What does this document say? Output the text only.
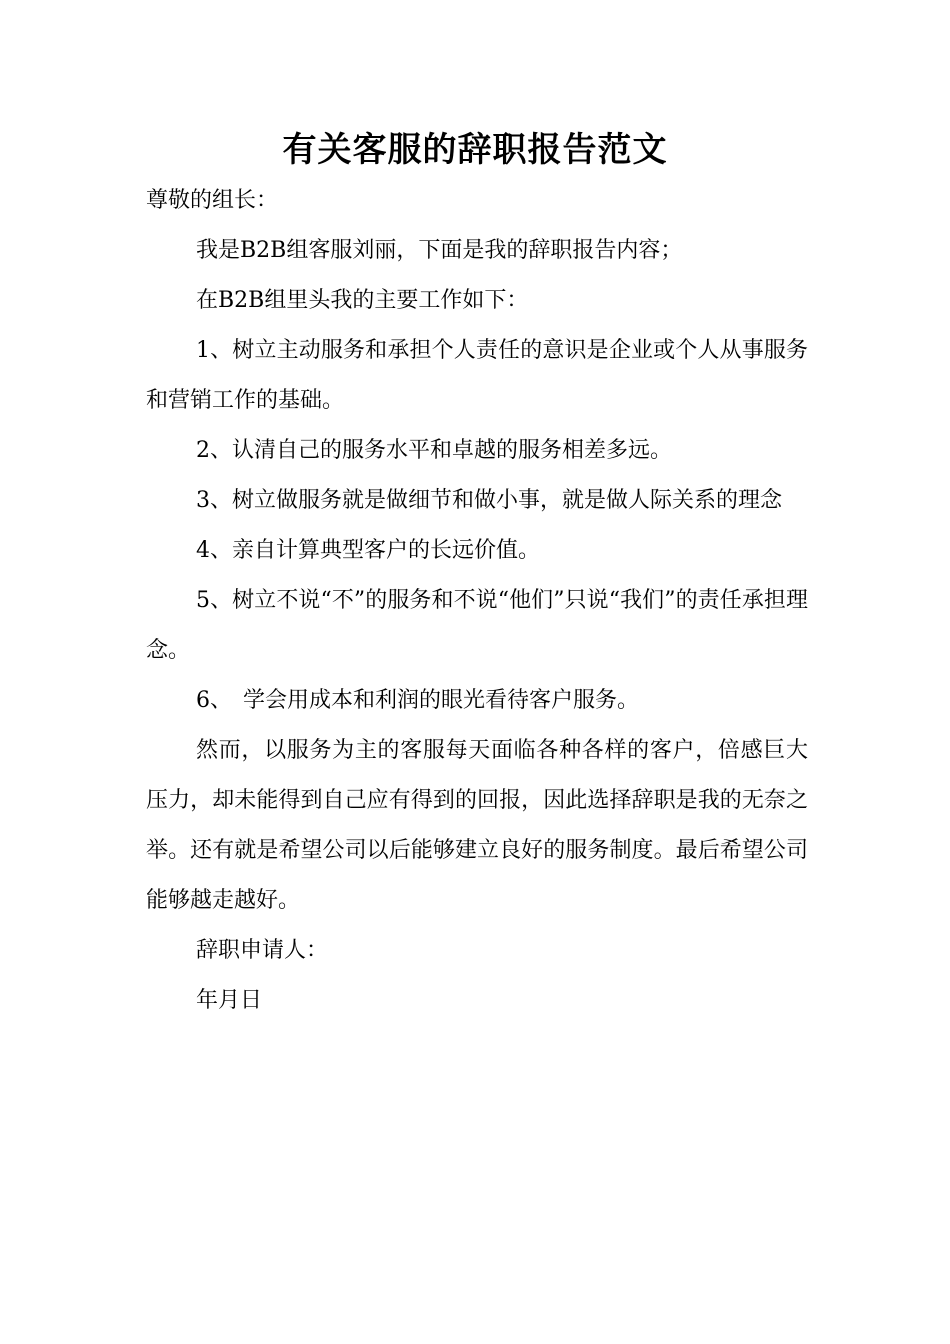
有关客服的辞职报告范文

尊敬的组长：

我是B2B组客服刘丽，下面是我的辞职报告内容；

在B2B组里头我的主要工作如下：

1、树立主动服务和承担个人责任的意识是企业或个人从事服务和营销工作的基础。

2、认清自己的服务水平和卓越的服务相差多远。

3、树立做服务就是做细节和做小事，就是做人际关系的理念

4、亲自计算典型客户的长远价值。

5、树立不说“不”的服务和不说“他们”只说“我们”的责任承担理念。

6、　学会用成本和利润的眼光看待客户服务。

然而，以服务为主的客服每天面临各种各样的客户，倍感巨大压力，却未能得到自己应有得到的回报，因此选择辞职是我的无奈之举。还有就是希望公司以后能够建立良好的服务制度。最后希望公司能够越走越好。

辞职申请人：

年月日
